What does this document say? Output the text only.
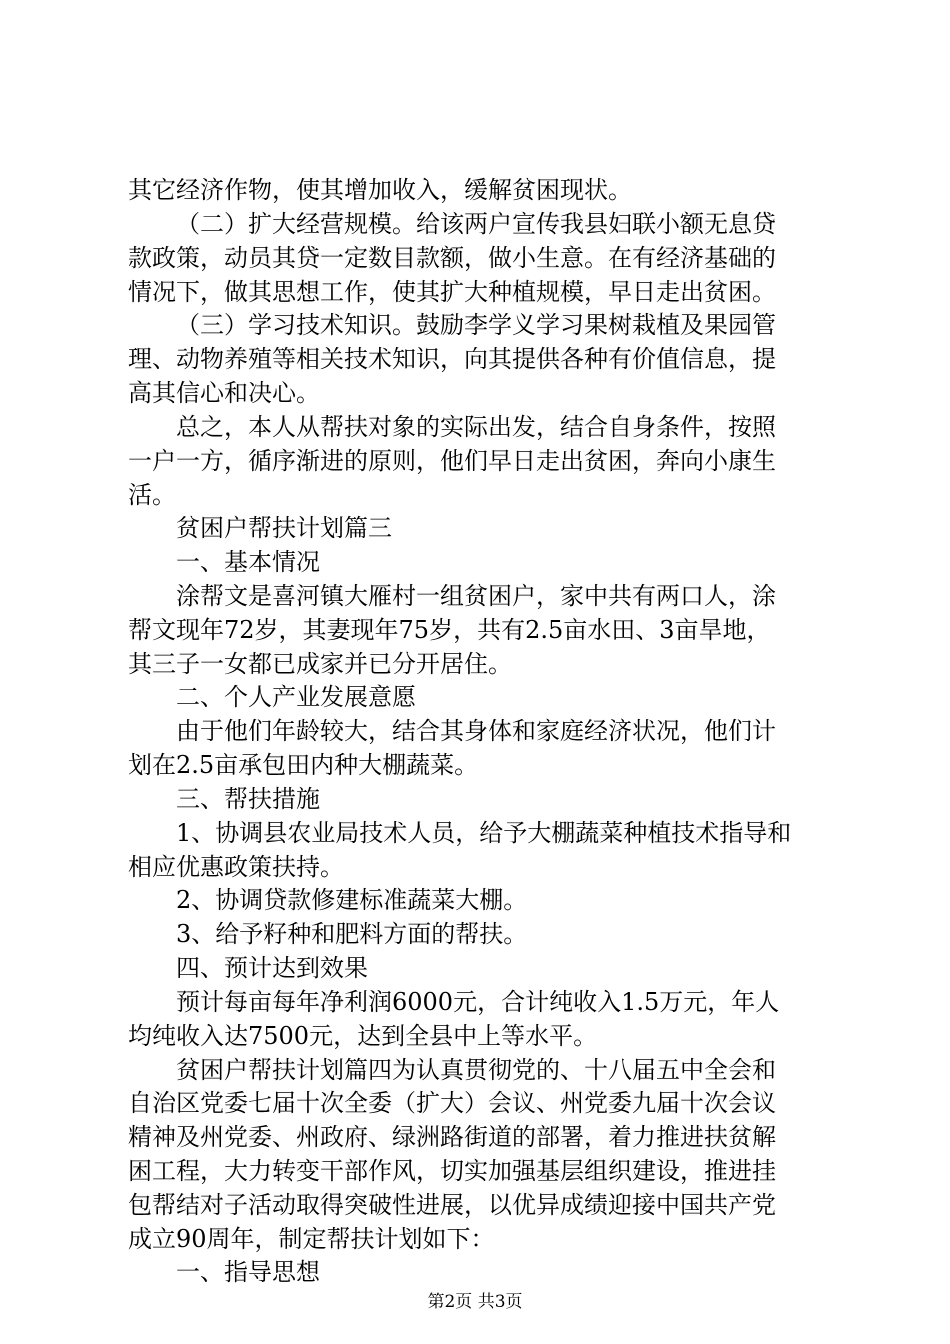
其它经济作物，使其增加收入，缓解贫困现状。
（二）扩大经营规模。给该两户宣传我县妇联小额无息贷
款政策，动员其贷一定数目款额，做小生意。在有经济基础的
情况下，做其思想工作，使其扩大种植规模，早日走出贫困。
（三）学习技术知识。鼓励李学义学习果树栽植及果园管
理、动物养殖等相关技术知识，向其提供各种有价值信息，提
高其信心和决心。
总之，本人从帮扶对象的实际出发，结合自身条件，按照
一户一方，循序渐进的原则，他们早日走出贫困，奔向小康生
活。
贫困户帮扶计划篇三
一、基本情况
涂帮文是喜河镇大雁村一组贫困户，家中共有两口人，涂
帮文现年72岁，其妻现年75岁，共有2.5亩水田、3亩旱地，
其三子一女都已成家并已分开居住。
二、个人产业发展意愿
由于他们年龄较大，结合其身体和家庭经济状况，他们计
划在2.5亩承包田内种大棚蔬菜。
三、帮扶措施
1、协调县农业局技术人员，给予大棚蔬菜种植技术指导和
相应优惠政策扶持。
2、协调贷款修建标准蔬菜大棚。
3、给予籽种和肥料方面的帮扶。
四、预计达到效果
预计每亩每年净利润6000元，合计纯收入1.5万元，年人
均纯收入达7500元，达到全县中上等水平。
贫困户帮扶计划篇四为认真贯彻党的、十八届五中全会和
自治区党委七届十次全委（扩大）会议、州党委九届十次会议
精神及州党委、州政府、绿洲路街道的部署，着力推进扶贫解
困工程，大力转变干部作风，切实加强基层组织建设，推进挂
包帮结对子活动取得突破性进展，以优异成绩迎接中国共产党
成立90周年，制定帮扶计划如下：
一、指导思想
第2页 共3页
